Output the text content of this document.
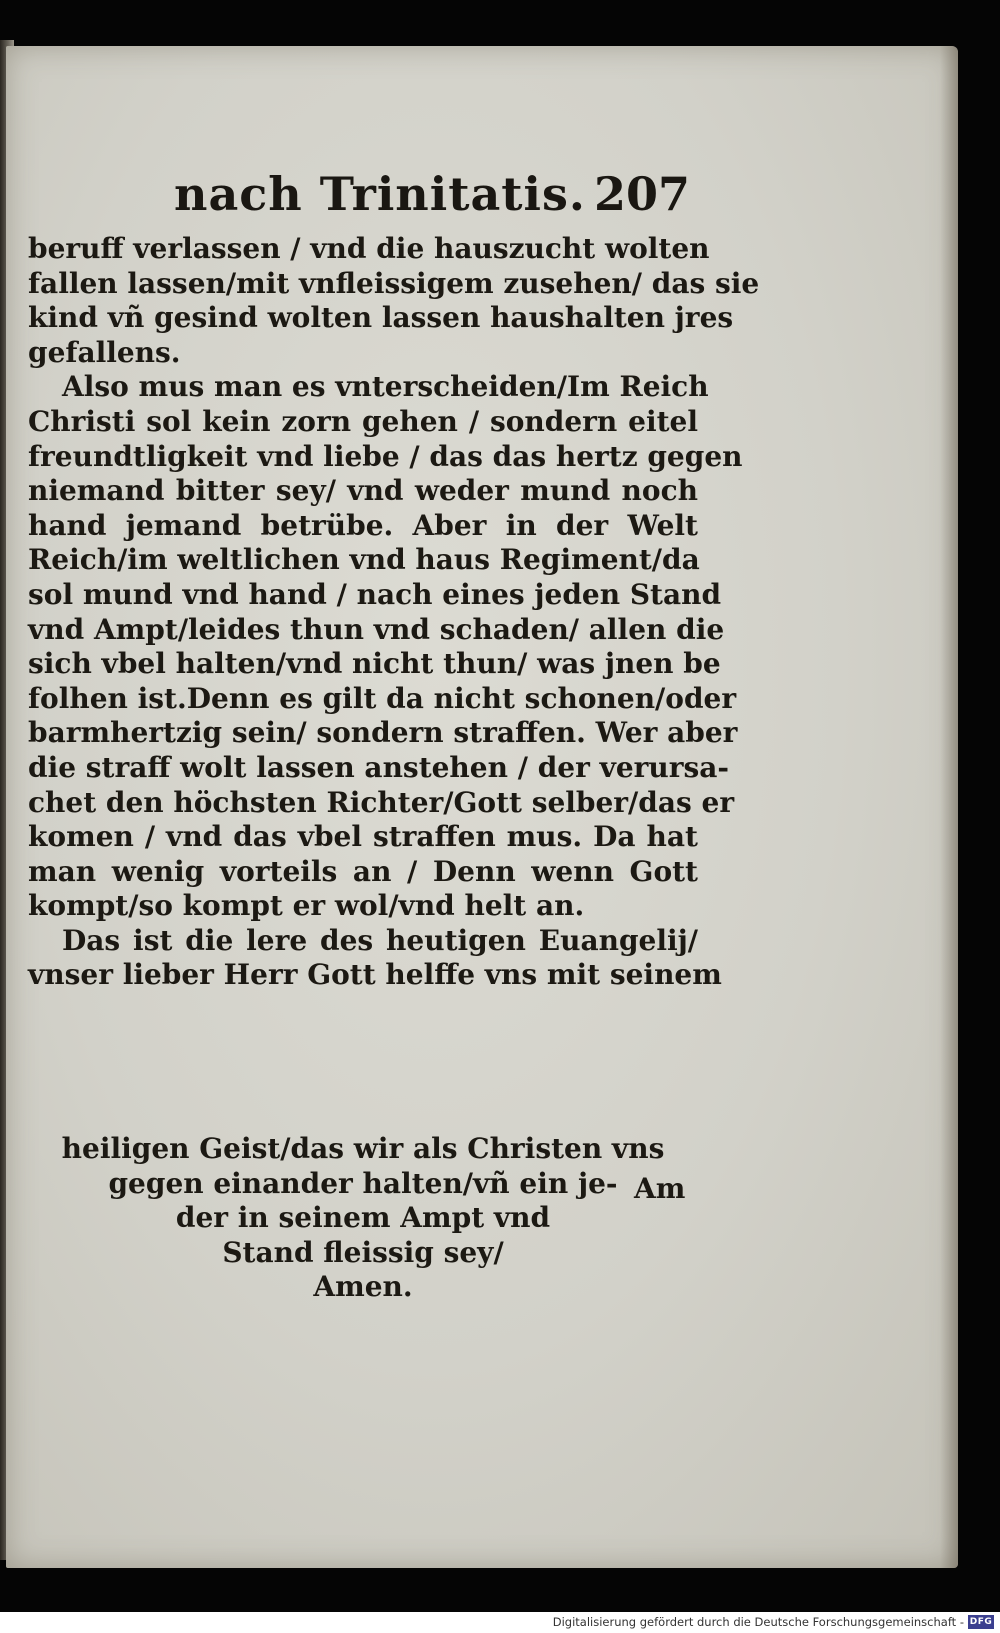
nach Trinitatis. 207
beruff verlassen / vnd die hauszucht wolten
fallen lassen/mit vnfleissigem zusehen/ das sie
kind vñ gesind wolten lassen haushalten jres
gefallens.
Also mus man es vnterscheiden/Im Reich
Christi sol kein zorn gehen / sondern eitel
freundtligkeit vnd liebe / das das hertz gegen
niemand bitter sey/ vnd weder mund noch
hand jemand betrübe. Aber in der Welt
Reich/im weltlichen vnd haus Regiment/da
sol mund vnd hand / nach eines jeden Stand
vnd Ampt/leides thun vnd schaden/ allen die
sich vbel halten/vnd nicht thun/ was jnen be
folhen ist.Denn es gilt da nicht schonen/oder
barmhertzig sein/ sondern straffen. Wer aber
die straff wolt lassen anstehen / der verursa-
chet den höchsten Richter/Gott selber/das er
komen / vnd das vbel straffen mus. Da hat
man wenig vorteils an / Denn wenn Gott
kompt/so kompt er wol/vnd helt an.
Das ist die lere des heutigen Euangelij/
vnser lieber Herr Gott helffe vns mit seinem
heiligen Geist/das wir als Christen vns
gegen einander halten/vñ ein je-
der in seinem Ampt vnd
Stand fleissig sey/
Amen.
Am
Digitalisierung gefördert durch die Deutsche Forschungsgemeinschaft - DFG
